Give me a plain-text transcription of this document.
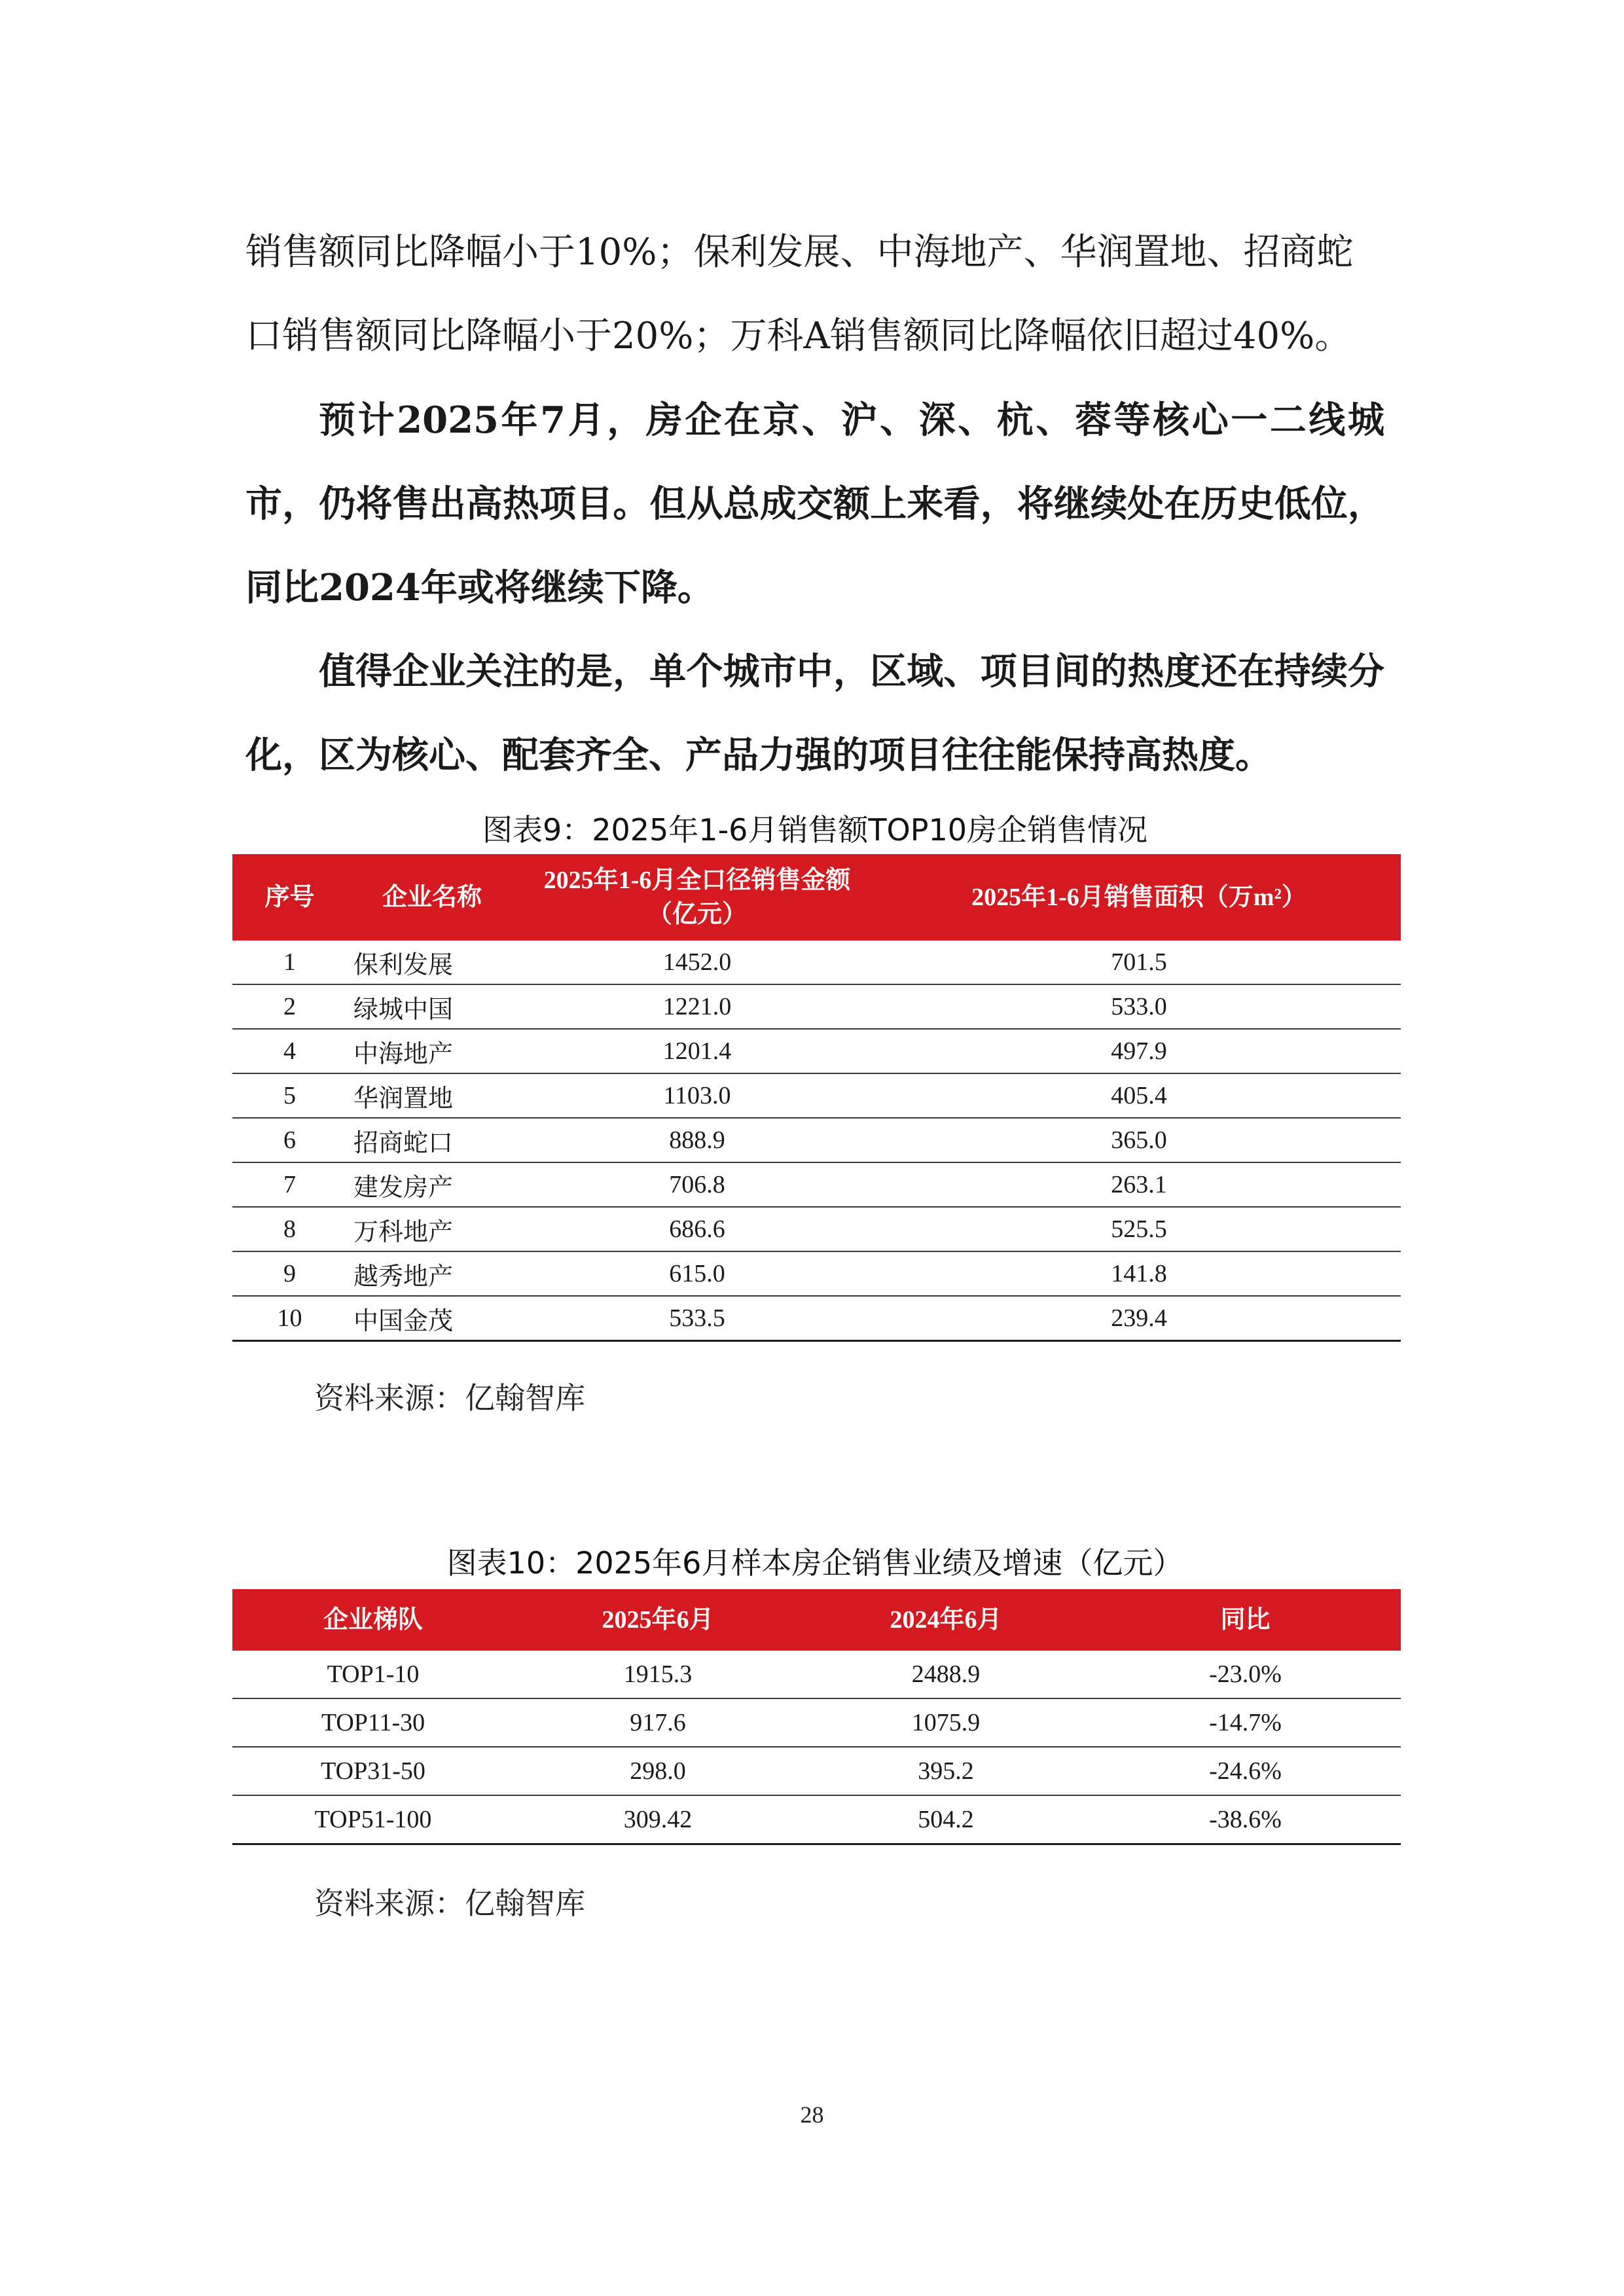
销售额同比降幅小于10%；保利发展、中海地产、华润置地、招商蛇

口销售额同比降幅小于20%；万科A销售额同比降幅依旧超过40%。

预计2025年7月，房企在京、沪、深、杭、蓉等核心一二线城市，仍将售出高热项目。但从总成交额上来看，将继续处在历史低位，同比2024年或将继续下降。

值得企业关注的是，单个城市中，区域、项目间的热度还在持续分化，区为核心、配套齐全、产品力强的项目往往能保持高热度。

图表9：2025年1-6月销售额TOP10房企销售情况
序号	企业名称	2025年1-6月全口径销售金额（亿元）	2025年1-6月销售面积（万m²）
1	保利发展	1452.0	701.5
2	绿城中国	1221.0	533.0
4	中海地产	1201.4	497.9
5	华润置地	1103.0	405.4
6	招商蛇口	888.9	365.0
7	建发房产	706.8	263.1
8	万科地产	686.6	525.5
9	越秀地产	615.0	141.8
10	中国金茂	533.5	239.4
资料来源：亿翰智库
图表10：2025年6月样本房企销售业绩及增速（亿元）
企业梯队	2025年6月	2024年6月	同比
TOP1-10	1915.3	2488.9	-23.0%
TOP11-30	917.6	1075.9	-14.7%
TOP31-50	298.0	395.2	-24.6%
TOP51-100	309.42	504.2	-38.6%
资料来源：亿翰智库
28
